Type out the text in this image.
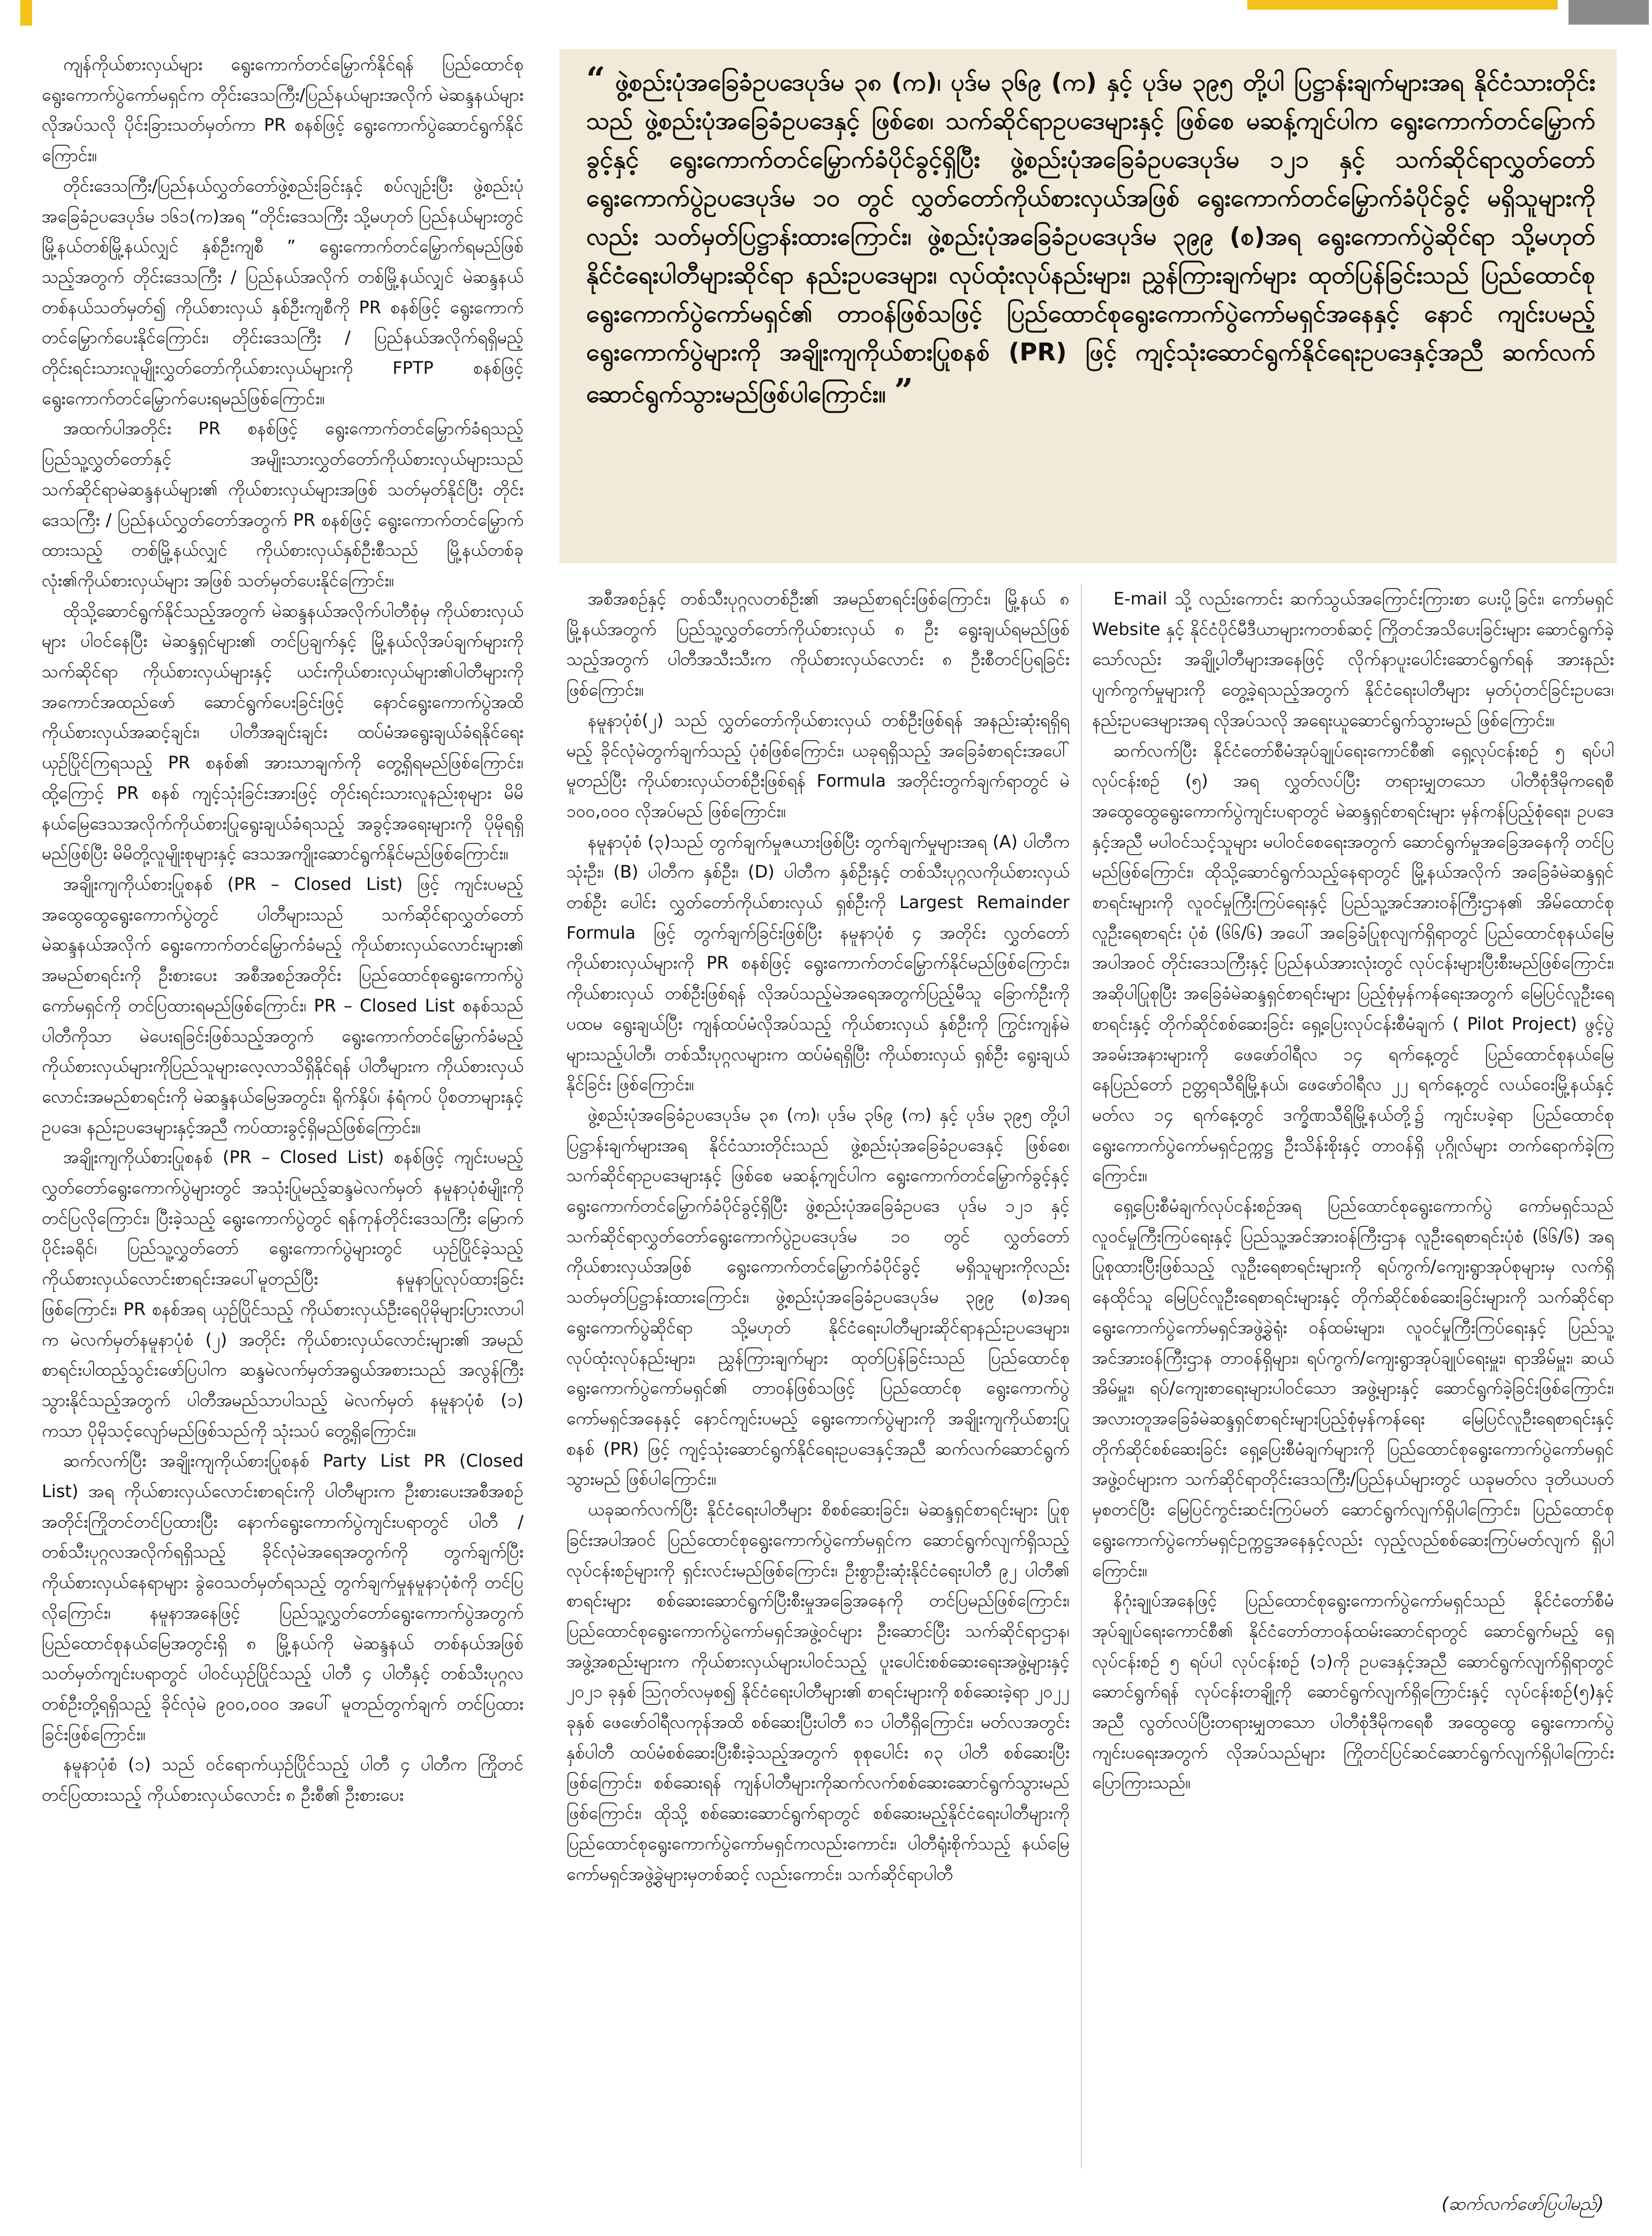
ကျန်ကိုယ်စားလှယ်များ ရွေးကောက်တင်မြှောက်နိုင်ရန် ပြည်ထောင်စု ရွေးကောက်ပွဲကော်မရှင်က တိုင်းဒေသကြီး/ပြည်နယ်များအလိုက် မဲဆန္ဒနယ်များလိုအပ်သလို ပိုင်းခြားသတ်မှတ်ကာ PR စနစ်ဖြင့် ရွေးကောက်ပွဲဆောင်ရွက်နိုင်ကြောင်း။

တိုင်းဒေသကြီး/ပြည်နယ်လွှတ်တော်ဖွဲ့စည်းခြင်းနှင့် စပ်လျဉ်းပြီး ဖွဲ့စည်းပုံအခြေခံဥပဒေပုဒ်မ ၁၆၁(က)အရ “တိုင်းဒေသကြီး သို့မဟုတ် ပြည်နယ်များတွင် မြို့နယ်တစ်မြို့နယ်လျှင် နှစ်ဦးကျစီ ” ရွေးကောက်တင်မြှောက်ရမည်ဖြစ်သည့်အတွက် တိုင်းဒေသကြီး / ပြည်နယ်အလိုက် တစ်မြို့နယ်လျှင် မဲဆန္ဒနယ်တစ်နယ်သတ်မှတ်၍ ကိုယ်စားလှယ် နှစ်ဦးကျစီကို PR စနစ်ဖြင့် ရွေးကောက်တင်မြှောက်ပေးနိုင်ကြောင်း၊ တိုင်းဒေသကြီး / ပြည်နယ်အလိုက်ရရှိမည့် တိုင်းရင်းသားလူမျိုးလွှတ်တော်ကိုယ်စားလှယ်များကို FPTP စနစ်ဖြင့် ရွေးကောက်တင်မြှောက်ပေးရမည်ဖြစ်ကြောင်း။

အထက်ပါအတိုင်း PR စနစ်ဖြင့် ရွေးကောက်တင်မြှောက်ခံရသည့် ပြည်သူ့လွှတ်တော်နှင့် အမျိုးသားလွှတ်တော်ကိုယ်စားလှယ်များသည် သက်ဆိုင်ရာမဲဆန္ဒနယ်များ၏ ကိုယ်စားလှယ်များအဖြစ် သတ်မှတ်နိုင်ပြီး တိုင်းဒေသကြီး / ပြည်နယ်လွှတ်တော်အတွက် PR စနစ်ဖြင့် ရွေးကောက်တင်မြှောက်ထားသည့် တစ်မြို့နယ်လျှင် ကိုယ်စားလှယ်နှစ်ဦးစီသည် မြို့နယ်တစ်ခုလုံး၏ကိုယ်စားလှယ်များ အဖြစ် သတ်မှတ်ပေးနိုင်ကြောင်း။

ထိုသို့ဆောင်ရွက်နိုင်သည့်အတွက် မဲဆန္ဒနယ်အလိုက်ပါတီစုံမှ ကိုယ်စားလှယ်များ ပါဝင်နေပြီး မဲဆန္ဒရှင်များ၏ တင်ပြချက်နှင့် မြို့နယ်လိုအပ်ချက်များကို သက်ဆိုင်ရာ ကိုယ်စားလှယ်များနှင့် ယင်းကိုယ်စားလှယ်များ၏ပါတီများကို အကောင်အထည်ဖော် ဆောင်ရွက်ပေးခြင်းဖြင့် နောင်ရွေးကောက်ပွဲအထိ ကိုယ်စားလှယ်အဆင့်ချင်း၊ ပါတီအချင်းချင်း ထပ်မံအရွေးချယ်ခံရနိုင်ရေး ယှဉ်ပြိုင်ကြရသည့် PR စနစ်၏ အားသာချက်ကို တွေ့ရှိရမည်ဖြစ်ကြောင်း၊ ထို့ကြောင့် PR စနစ် ကျင့်သုံးခြင်းအားဖြင့် တိုင်းရင်းသားလူနည်းစုများ မိမိနယ်မြေဒေသအလိုက်ကိုယ်စားပြုရွေးချယ်ခံရသည့် အခွင့်အရေးများကို ပိုမိုရရှိမည်ဖြစ်ပြီး မိမိတို့လူမျိုးစုများနှင့် ဒေသအကျိုးဆောင်ရွက်နိုင်မည်ဖြစ်ကြောင်း။

အချိုးကျကိုယ်စားပြုစနစ် (PR – Closed List) ဖြင့် ကျင်းပမည့် အထွေထွေရွေးကောက်ပွဲတွင် ပါတီများသည် သက်ဆိုင်ရာလွှတ်တော် မဲဆန္ဒနယ်အလိုက် ရွေးကောက်တင်မြှောက်ခံမည့် ကိုယ်စားလှယ်လောင်းများ၏ အမည်စာရင်းကို ဦးစားပေး အစီအစဉ်အတိုင်း ပြည်ထောင်စုရွေးကောက်ပွဲကော်မရှင်ကို တင်ပြထားရမည်ဖြစ်ကြောင်း၊ PR – Closed List စနစ်သည် ပါတီကိုသာ မဲပေးရခြင်းဖြစ်သည့်အတွက် ရွေးကောက်တင်မြှောက်ခံမည့် ကိုယ်စားလှယ်များကိုပြည်သူများလေ့လာသိရှိနိုင်ရန် ပါတီများက ကိုယ်စားလှယ်လောင်းအမည်စာရင်းကို မဲဆန္ဒနယ်မြေအတွင်း၊ ရိုက်နှိပ်၊ နံရံကပ် ပိုစတာများနှင့်ဥပဒေ၊ နည်းဥပဒေများနှင့်အညီ ကပ်ထားခွင့်ရှိမည်ဖြစ်ကြောင်း။

အချိုးကျကိုယ်စားပြုစနစ် (PR – Closed List) စနစ်ဖြင့် ကျင်းပမည့် လွှတ်တော်ရွေးကောက်ပွဲများတွင် အသုံးပြုမည့်ဆန္ဒမဲလက်မှတ် နမူနာပုံစံမျိုးကို တင်ပြလိုကြောင်း၊ ပြီးခဲ့သည့် ရွေးကောက်ပွဲတွင် ရန်ကုန်တိုင်းဒေသကြီး မြောက်ပိုင်းခရိုင်၊ ပြည်သူ့လွှတ်တော် ရွေးကောက်ပွဲများတွင် ယှဉ်ပြိုင်ခဲ့သည့် ကိုယ်စားလှယ်လောင်းစာရင်းအပေါ်မူတည်ပြီး နမူနာပြုလုပ်ထားခြင်းဖြစ်ကြောင်း၊ PR စနစ်အရ ယှဉ်ပြိုင်သည့် ကိုယ်စားလှယ်ဦးရေပိုမိုများပြားလာပါက မဲလက်မှတ်နမူနာပုံစံ (၂) အတိုင်း ကိုယ်စားလှယ်လောင်းများ၏ အမည်စာရင်းပါထည့်သွင်းဖော်ပြပါက ဆန္ဒမဲလက်မှတ်အရွယ်အစားသည် အလွန်ကြီးသွားနိုင်သည့်အတွက် ပါတီအမည်သာပါသည့် မဲလက်မှတ် နမူနာပုံစံ (၁) ကသာ ပိုမိုသင့်လျော်မည်ဖြစ်သည်ကို သုံးသပ် တွေ့ရှိကြောင်း။

ဆက်လက်ပြီး အချိုးကျကိုယ်စားပြုစနစ် Party List PR (Closed List) အရ ကိုယ်စားလှယ်လောင်းစာရင်းကို ပါတီများက ဦးစားပေးအစီအစဉ်အတိုင်းကြိုတင်တင်ပြထားပြီး နောက်ရွေးကောက်ပွဲကျင်းပရာတွင် ပါတီ / တစ်သီးပုဂ္ဂလအလိုက်ရရှိသည့် ခိုင်လုံမဲအရေအတွက်ကို တွက်ချက်ပြီး ကိုယ်စားလှယ်နေရာများ ခွဲဝေသတ်မှတ်ရသည့် တွက်ချက်မှုနမူနာပုံစံကို တင်ပြလိုကြောင်း၊ နမူနာအနေဖြင့် ပြည်သူ့လွှတ်တော်ရွေးကောက်ပွဲအတွက် ပြည်ထောင်စုနယ်မြေအတွင်းရှိ ၈ မြို့နယ်ကို မဲဆန္ဒနယ် တစ်နယ်အဖြစ် သတ်မှတ်ကျင်းပရာတွင် ပါဝင်ယှဉ်ပြိုင်သည့် ပါတီ ၄ ပါတီနှင့် တစ်သီးပုဂ္ဂလတစ်ဦးတို့ရရှိသည့် ခိုင်လုံမဲ ၉၀၀,၀၀၀ အပေါ် မူတည်တွက်ချက် တင်ပြထားခြင်းဖြစ်ကြောင်း။

နမူနာပုံစံ (၁) သည် ဝင်ရောက်ယှဉ်ပြိုင်သည့် ပါတီ ၄ ပါတီက ကြိုတင်တင်ပြထားသည့် ကိုယ်စားလှယ်လောင်း ၈ ဦးစီ၏ ဦးစားပေး

“ ဖွဲ့စည်းပုံအခြေခံဥပဒေပုဒ်မ ၃၈ (က)၊ ပုဒ်မ ၃၆၉ (က) နှင့် ပုဒ်မ ၃၉၅ တို့ပါ ပြဋ္ဌာန်းချက်များအရ နိုင်ငံသားတိုင်းသည် ဖွဲ့စည်းပုံအခြေခံဥပဒေနှင့် ဖြစ်စေ၊ သက်ဆိုင်ရာဥပဒေများနှင့် ဖြစ်စေ မဆန့်ကျင်ပါက ရွေးကောက်တင်မြှောက်ခွင့်နှင့် ရွေးကောက်တင်မြှောက်ခံပိုင်ခွင့်ရှိပြီး ဖွဲ့စည်းပုံအခြေခံဥပဒေပုဒ်မ ၁၂၁ နှင့် သက်ဆိုင်ရာလွှတ်တော်ရွေးကောက်ပွဲဥပဒေပုဒ်မ ၁၀ တွင် လွှတ်တော်ကိုယ်စားလှယ်အဖြစ် ရွေးကောက်တင်မြှောက်ခံပိုင်ခွင့် မရှိသူများကိုလည်း သတ်မှတ်ပြဋ္ဌာန်းထားကြောင်း၊ ဖွဲ့စည်းပုံအခြေခံဥပဒေပုဒ်မ ၃၉၉ (စ)အရ ရွေးကောက်ပွဲဆိုင်ရာ သို့မဟုတ် နိုင်ငံရေးပါတီများဆိုင်ရာ နည်းဥပဒေများ၊ လုပ်ထုံးလုပ်နည်းများ၊ ညွှန်ကြားချက်များ ထုတ်ပြန်ခြင်းသည် ပြည်ထောင်စုရွေးကောက်ပွဲကော်မရှင်၏ တာဝန်ဖြစ်သဖြင့် ပြည်ထောင်စုရွေးကောက်ပွဲကော်မရှင်အနေနှင့် နောင် ကျင်းပမည့် ရွေးကောက်ပွဲများကို အချိုးကျကိုယ်စားပြုစနစ် (PR) ဖြင့် ကျင့်သုံးဆောင်ရွက်နိုင်ရေးဥပဒေနှင့်အညီ ဆက်လက်ဆောင်ရွက်သွားမည်ဖြစ်ပါကြောင်း။ ”

အစီအစဉ်နှင့် တစ်သီးပုဂ္ဂလတစ်ဦး၏ အမည်စာရင်းဖြစ်ကြောင်း၊ မြို့နယ် ၈ မြို့နယ်အတွက် ပြည်သူ့လွှတ်တော်ကိုယ်စားလှယ် ၈ ဦး ရွေးချယ်ရမည်ဖြစ်သည့်အတွက် ပါတီအသီးသီးက ကိုယ်စားလှယ်လောင်း ၈ ဦးစီတင်ပြရခြင်းဖြစ်ကြောင်း။

နမူနာပုံစံ(၂) သည် လွှတ်တော်ကိုယ်စားလှယ် တစ်ဦးဖြစ်ရန် အနည်းဆုံးရရှိရမည့် ခိုင်လုံမဲတွက်ချက်သည့် ပုံစံဖြစ်ကြောင်း၊ ယခုရရှိသည့် အခြေခံစာရင်းအပေါ်မူတည်ပြီး ကိုယ်စားလှယ်တစ်ဦးဖြစ်ရန် Formula အတိုင်းတွက်ချက်ရာတွင် မဲ ၁၀၀,၀၀၀ လိုအပ်မည် ဖြစ်ကြောင်း။

နမူနာပုံစံ (၃)သည် တွက်ချက်မှုဇယားဖြစ်ပြီး တွက်ချက်မှုများအရ (A) ပါတီက သုံးဦး၊ (B) ပါတီက နှစ်ဦး၊ (D) ပါတီက နှစ်ဦးနှင့် တစ်သီးပုဂ္ဂလကိုယ်စားလှယ် တစ်ဦး ပေါင်း လွှတ်တော်ကိုယ်စားလှယ် ရှစ်ဦးကို Largest Remainder Formula ဖြင့် တွက်ချက်ခြင်းဖြစ်ပြီး နမူနာပုံစံ ၄ အတိုင်း လွှတ်တော်ကိုယ်စားလှယ်များကို PR စနစ်ဖြင့် ရွေးကောက်တင်မြှောက်နိုင်မည်ဖြစ်ကြောင်း၊ ကိုယ်စားလှယ် တစ်ဦးဖြစ်ရန် လိုအပ်သည့်မဲအရေအတွက်ပြည့်မီသူ ခြောက်ဦးကို ပထမ ရွေးချယ်ပြီး ကျန်ထပ်မံလိုအပ်သည့် ကိုယ်စားလှယ် နှစ်ဦးကို ကြွင်းကျန်မဲများသည့်ပါတီ၊ တစ်သီးပုဂ္ဂလများက ထပ်မံရရှိပြီး ကိုယ်စားလှယ် ရှစ်ဦး ရွေးချယ်နိုင်ခြင်း ဖြစ်ကြောင်း။

ဖွဲ့စည်းပုံအခြေခံဥပဒေပုဒ်မ ၃၈ (က)၊ ပုဒ်မ ၃၆၉ (က) နှင့် ပုဒ်မ ၃၉၅ တို့ပါ ပြဋ္ဌာန်းချက်များအရ နိုင်ငံသားတိုင်းသည် ဖွဲ့စည်းပုံအခြေခံဥပဒေနှင့် ဖြစ်စေ၊ သက်ဆိုင်ရာဥပဒေများနှင့် ဖြစ်စေ မဆန့်ကျင်ပါက ရွေးကောက်တင်မြှောက်ခွင့်နှင့် ရွေးကောက်တင်မြှောက်ခံပိုင်ခွင့်ရှိပြီး ဖွဲ့စည်းပုံအခြေခံဥပဒေ ပုဒ်မ ၁၂၁ နှင့် သက်ဆိုင်ရာလွှတ်တော်ရွေးကောက်ပွဲဥပဒေပုဒ်မ ၁၀ တွင် လွှတ်တော် ကိုယ်စားလှယ်အဖြစ် ရွေးကောက်တင်မြှောက်ခံပိုင်ခွင့် မရှိသူများကိုလည်း သတ်မှတ်ပြဋ္ဌာန်းထားကြောင်း၊ ဖွဲ့စည်းပုံအခြေခံဥပဒေပုဒ်မ ၃၉၉ (စ)အရ ရွေးကောက်ပွဲဆိုင်ရာ သို့မဟုတ် နိုင်ငံရေးပါတီများဆိုင်ရာနည်းဥပဒေများ၊ လုပ်ထုံးလုပ်နည်းများ၊ ညွှန်ကြားချက်များ ထုတ်ပြန်ခြင်းသည် ပြည်ထောင်စုရွေးကောက်ပွဲကော်မရှင်၏ တာဝန်ဖြစ်သဖြင့် ပြည်ထောင်စု ရွေးကောက်ပွဲ ကော်မရှင်အနေနှင့် နောင်ကျင်းပမည့် ရွေးကောက်ပွဲများကို အချိုးကျကိုယ်စားပြုစနစ် (PR) ဖြင့် ကျင့်သုံးဆောင်ရွက်နိုင်ရေးဥပဒေနှင့်အညီ ဆက်လက်ဆောင်ရွက်သွားမည် ဖြစ်ပါကြောင်း။

ယခုဆက်လက်ပြီး နိုင်ငံရေးပါတီများ စိစစ်ဆေးခြင်း၊ မဲဆန္ဒရှင်စာရင်းများ ပြုစုခြင်းအပါအဝင် ပြည်ထောင်စုရွေးကောက်ပွဲကော်မရှင်က ဆောင်ရွက်လျက်ရှိသည့် လုပ်ငန်းစဉ်များကို ရှင်းလင်းမည်ဖြစ်ကြောင်း၊ ဦးစွာဦးဆုံးနိုင်ငံရေးပါတီ ၉၂ ပါတီ၏ စာရင်းများ စစ်ဆေးဆောင်ရွက်ပြီးစီးမှုအခြေအနေကို တင်ပြမည်ဖြစ်ကြောင်း၊ ပြည်ထောင်စုရွေးကောက်ပွဲကော်မရှင်အဖွဲ့ဝင်များ ဦးဆောင်ပြီး သက်ဆိုင်ရာဌာန၊ အဖွဲ့အစည်းများက ကိုယ်စားလှယ်များပါဝင်သည့် ပူးပေါင်းစစ်ဆေးရေးအဖွဲ့များနှင့် ၂၀၂၁ ခုနှစ် ဩဂုတ်လမှစ၍ နိုင်ငံရေးပါတီများ၏ စာရင်းများကို စစ်ဆေးခဲ့ရာ ၂၀၂၂ ခုနှစ် ဖေဖော်ဝါရီလကုန်အထိ စစ်ဆေးပြီးပါတီ ၈၁ ပါတီရှိကြောင်း၊ မတ်လအတွင်း နှစ်ပါတီ ထပ်မံစစ်ဆေးပြီးစီးခဲ့သည့်အတွက် စုစုပေါင်း ၈၃ ပါတီ စစ်ဆေးပြီးဖြစ်ကြောင်း၊ စစ်ဆေးရန် ကျန်ပါတီများကိုဆက်လက်စစ်ဆေးဆောင်ရွက်သွားမည်ဖြစ်ကြောင်း၊ ထိုသို့ စစ်ဆေးဆောင်ရွက်ရာတွင် စစ်ဆေးမည့်နိုင်ငံရေးပါတီများကို ပြည်ထောင်စုရွေးကောက်ပွဲကော်မရှင်ကလည်းကောင်း၊ ပါတီရုံးစိုက်သည့် နယ်မြေကော်မရှင်အဖွဲ့ခွဲများမှတစ်ဆင့် လည်းကောင်း၊ သက်ဆိုင်ရာပါတီ

E-mail သို့ လည်းကောင်း ဆက်သွယ်အကြောင်းကြားစာ ပေးပို့ခြင်း၊ ကော်မရှင် Website နှင့် နိုင်ငံပိုင်မီဒီယာများကတစ်ဆင့် ကြိုတင်အသိပေးခြင်းများ ဆောင်ရွက်ခဲ့သော်လည်း အချို့ပါတီများအနေဖြင့် လိုက်နာပူးပေါင်းဆောင်ရွက်ရန် အားနည်းပျက်ကွက်မှုများကို တွေ့ခဲ့ရသည့်အတွက် နိုင်ငံရေးပါတီများ မှတ်ပုံတင်ခြင်းဥပဒေ၊ နည်းဥပဒေများအရ လိုအပ်သလို အရေးယူဆောင်ရွက်သွားမည် ဖြစ်ကြောင်း။

ဆက်လက်ပြီး နိုင်ငံတော်စီမံအုပ်ချုပ်ရေးကောင်စီ၏ ရှေ့လုပ်ငန်းစဉ် ၅ ရပ်ပါ လုပ်ငန်းစဉ် (၅) အရ လွှတ်လပ်ပြီး တရားမျှတသော ပါတီစုံဒီမိုကရေစီအထွေထွေရွေးကောက်ပွဲကျင်းပရာတွင် မဲဆန္ဒရှင်စာရင်းများ မှန်ကန်ပြည့်စုံရေး၊ ဥပဒေနှင့်အညီ မပါဝင်သင့်သူများ မပါဝင်စေရေးအတွက် ဆောင်ရွက်မှုအခြေအနေကို တင်ပြမည်ဖြစ်ကြောင်း၊ ထိုသို့ဆောင်ရွက်သည့်နေရာတွင် မြို့နယ်အလိုက် အခြေခံမဲဆန္ဒရှင် စာရင်းများကို လူဝင်မှုကြီးကြပ်ရေးနှင့် ပြည်သူ့အင်အားဝန်ကြီးဌာန၏ အိမ်ထောင်စုလူဦးရေစာရင်း ပုံစံ (၆၆/၆) အပေါ် အခြေခံပြုစုလျက်ရှိရာတွင် ပြည်ထောင်စုနယ်မြေအပါအဝင် တိုင်းဒေသကြီးနှင့် ပြည်နယ်အားလုံးတွင် လုပ်ငန်းများပြီးစီးမည်ဖြစ်ကြောင်း၊ အဆိုပါပြုစုပြီး အခြေခံမဲဆန္ဒရှင်စာရင်းများ ပြည့်စုံမှန်ကန်ရေးအတွက် မြေပြင်လူဦးရေစာရင်းနှင့် တိုက်ဆိုင်စစ်ဆေးခြင်း ရှေ့ပြေးလုပ်ငန်းစီမံချက် ( Pilot Project) ဖွင့်ပွဲအခမ်းအနားများကို ဖေဖော်ဝါရီလ ၁၄ ရက်နေ့တွင် ပြည်ထောင်စုနယ်မြေ နေပြည်တော် ဥတ္တရသီရိမြို့နယ်၊ ဖေဖော်ဝါရီလ ၂၂ ရက်နေ့တွင် လယ်ဝေးမြို့နယ်နှင့် မတ်လ ၁၄ ရက်နေ့တွင် ဒက္ခိဏသီရိမြို့နယ်တို့၌ ကျင်းပခဲ့ရာ ပြည်ထောင်စုရွေးကောက်ပွဲကော်မရှင်ဥက္ကဋ္ဌ ဦးသိန်းစိုးနှင့် တာဝန်ရှိ ပုဂ္ဂိုလ်များ တက်ရောက်ခဲ့ကြကြောင်း။

ရှေ့ပြေးစီမံချက်လုပ်ငန်းစဉ်အရ ပြည်ထောင်စုရွေးကောက်ပွဲ ကော်မရှင်သည် လူဝင်မှုကြီးကြပ်ရေးနှင့် ပြည်သူ့အင်အားဝန်ကြီးဌာန လူဦးရေစာရင်းပုံစံ (၆၆/၆) အရ ပြုစုထားပြီးဖြစ်သည့် လူဦးရေစာရင်းများကို ရပ်ကွက်/ကျေးရွာအုပ်စုများမှ လက်ရှိ နေထိုင်သူ မြေပြင်လူဦးရေစာရင်းများနှင့် တိုက်ဆိုင်စစ်ဆေးခြင်းများကို သက်ဆိုင်ရာရွေးကောက်ပွဲကော်မရှင်အဖွဲ့ခွဲရုံး ဝန်ထမ်းများ၊ လူဝင်မှုကြီးကြပ်ရေးနှင့် ပြည်သူ့အင်အားဝန်ကြီးဌာန တာဝန်ရှိများ၊ ရပ်ကွက်/ကျေးရွာအုပ်ချုပ်ရေးမှူး၊ ရာအိမ်မှူး၊ ဆယ်အိမ်မှူး၊ ရပ်/ကျေးစာရေးများပါဝင်သော အဖွဲ့များနှင့် ဆောင်ရွက်ခဲ့ခြင်းဖြစ်ကြောင်း၊ အလားတူအခြေခံမဲဆန္ဒရှင်စာရင်းများပြည့်စုံမှန်ကန်ရေး မြေပြင်လူဦးရေစာရင်းနှင့် တိုက်ဆိုင်စစ်ဆေးခြင်း ရှေ့ပြေးစီမံချက်များကို ပြည်ထောင်စုရွေးကောက်ပွဲကော်မရှင်အဖွဲ့ဝင်များက သက်ဆိုင်ရာတိုင်းဒေသကြီး/ပြည်နယ်များတွင် ယခုမတ်လ ဒုတိယပတ်မှစတင်ပြီး မြေပြင်ကွင်းဆင်းကြပ်မတ် ဆောင်ရွက်လျက်ရှိပါကြောင်း၊ ပြည်ထောင်စုရွေးကောက်ပွဲကော်မရှင်ဥက္ကဋ္ဌအနေနှင့်လည်း လှည့်လည်စစ်ဆေးကြပ်မတ်လျက် ရှိပါကြောင်း။

နိဂုံးချုပ်အနေဖြင့် ပြည်ထောင်စုရွေးကောက်ပွဲကော်မရှင်သည် နိုင်ငံတော်စီမံအုပ်ချုပ်ရေးကောင်စီ၏ နိုင်ငံတော်တာဝန်ထမ်းဆောင်ရာတွင် ဆောင်ရွက်မည့် ရှေ့ လုပ်ငန်းစဉ် ၅ ရပ်ပါ လုပ်ငန်းစဉ် (၁)ကို ဥပဒေနှင့်အညီ ဆောင်ရွက်လျက်ရှိရာတွင် ဆောင်ရွက်ရန် လုပ်ငန်းတချို့ကို ဆောင်ရွက်လျက်ရှိကြောင်းနှင့် လုပ်ငန်းစဉ်(၅)နှင့်အညီ လွတ်လပ်ပြီးတရားမျှတသော ပါတီစုံဒီမိုကရေစီ အထွေထွေ ရွေးကောက်ပွဲကျင်းပရေးအတွက် လိုအပ်သည်များ ကြိုတင်ပြင်ဆင်ဆောင်ရွက်လျက်ရှိပါကြောင်း ပြောကြားသည်။

(ဆက်လက်ဖော်ပြပါမည်)
